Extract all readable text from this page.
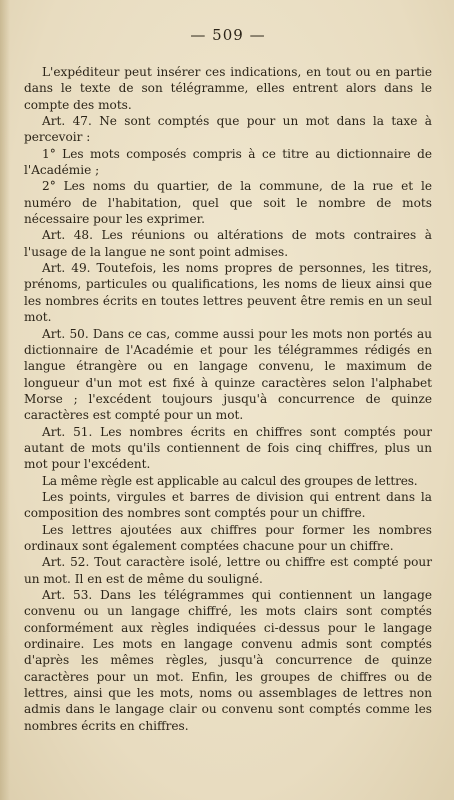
— 509 —

L'expéditeur peut insérer ces indications, en tout ou en partie dans le texte de son télégramme, elles entrent alors dans le compte des mots.

Art. 47. Ne sont comptés que pour un mot dans la taxe à percevoir :

1° Les mots composés compris à ce titre au dictionnaire de l'Académie ;

2° Les noms du quartier, de la commune, de la rue et le numéro de l'habitation, quel que soit le nombre de mots nécessaire pour les exprimer.

Art. 48. Les réunions ou altérations de mots contraires à l'usage de la langue ne sont point admises.

Art. 49. Toutefois, les noms propres de personnes, les titres, prénoms, particules ou qualifications, les noms de lieux ainsi que les nombres écrits en toutes lettres peuvent être remis en un seul mot.

Art. 50. Dans ce cas, comme aussi pour les mots non portés au dictionnaire de l'Académie et pour les télégrammes rédigés en langue étrangère ou en langage convenu, le maximum de longueur d'un mot est fixé à quinze caractères selon l'alphabet Morse ; l'excédent toujours jusqu'à concurrence de quinze caractères est compté pour un mot.

Art. 51. Les nombres écrits en chiffres sont comptés pour autant de mots qu'ils contiennent de fois cinq chiffres, plus un mot pour l'excédent.

La même règle est applicable au calcul des groupes de lettres.

Les points, virgules et barres de division qui entrent dans la composition des nombres sont comptés pour un chiffre.

Les lettres ajoutées aux chiffres pour former les nombres ordinaux sont également comptées chacune pour un chiffre.

Art. 52. Tout caractère isolé, lettre ou chiffre est compté pour un mot. Il en est de même du souligné.

Art. 53. Dans les télégrammes qui contiennent un langage convenu ou un langage chiffré, les mots clairs sont comptés conformément aux règles indiquées ci-dessus pour le langage ordinaire. Les mots en langage convenu admis sont comptés d'après les mêmes règles, jusqu'à concurrence de quinze caractères pour un mot. Enfin, les groupes de chiffres ou de lettres, ainsi que les mots, noms ou assemblages de lettres non admis dans le langage clair ou convenu sont comptés comme les nombres écrits en chiffres.
